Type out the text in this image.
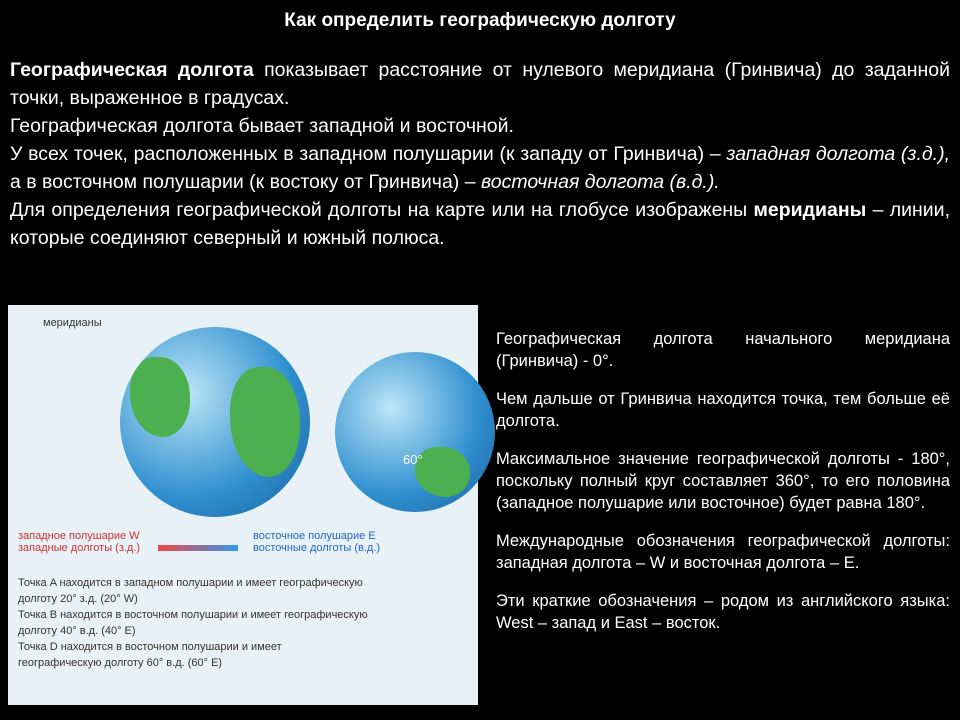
Как определить географическую долготу
Географическая долгота показывает расстояние от нулевого меридиана (Гринвича) до заданной точки, выраженное в градусах.
Географическая долгота бывает западной и восточной.
У всех точек, расположенных в западном полушарии (к западу от Гринвича) – западная долгота (з.д.), а в восточном полушарии (к востоку от Гринвича) – восточная долгота (в.д.).
Для определения географической долготы на карте или на глобусе изображены меридианы – линии, которые соединяют северный и южный полюса.
меридианы
западное полушарие W
западные долготы (з.д.)
восточное полушарие E
восточные долготы (в.д.)
Точка A находится в западном полушарии и имеет географическую долготу 20° з.д. (20° W)
Точка B находится в восточном полушарии и имеет географическую долготу 40° в.д. (40° E)
Точка D находится в восточном полушарии и имеет географическую долготу 60° в.д. (60° E)
60°

Географическая долгота начального меридиана (Гринвича) - 0°.

Чем дальше от Гринвича находится точка, тем больше её долгота.

Максимальное значение географической долготы - 180°, поскольку полный круг составляет 360°, то его половина (западное полушарие или восточное) будет равна 180°.

Международные обозначения географической долготы: западная долгота – W и восточная долгота – E.

Эти краткие обозначения – родом из английского языка: West – запад и East – восток.
